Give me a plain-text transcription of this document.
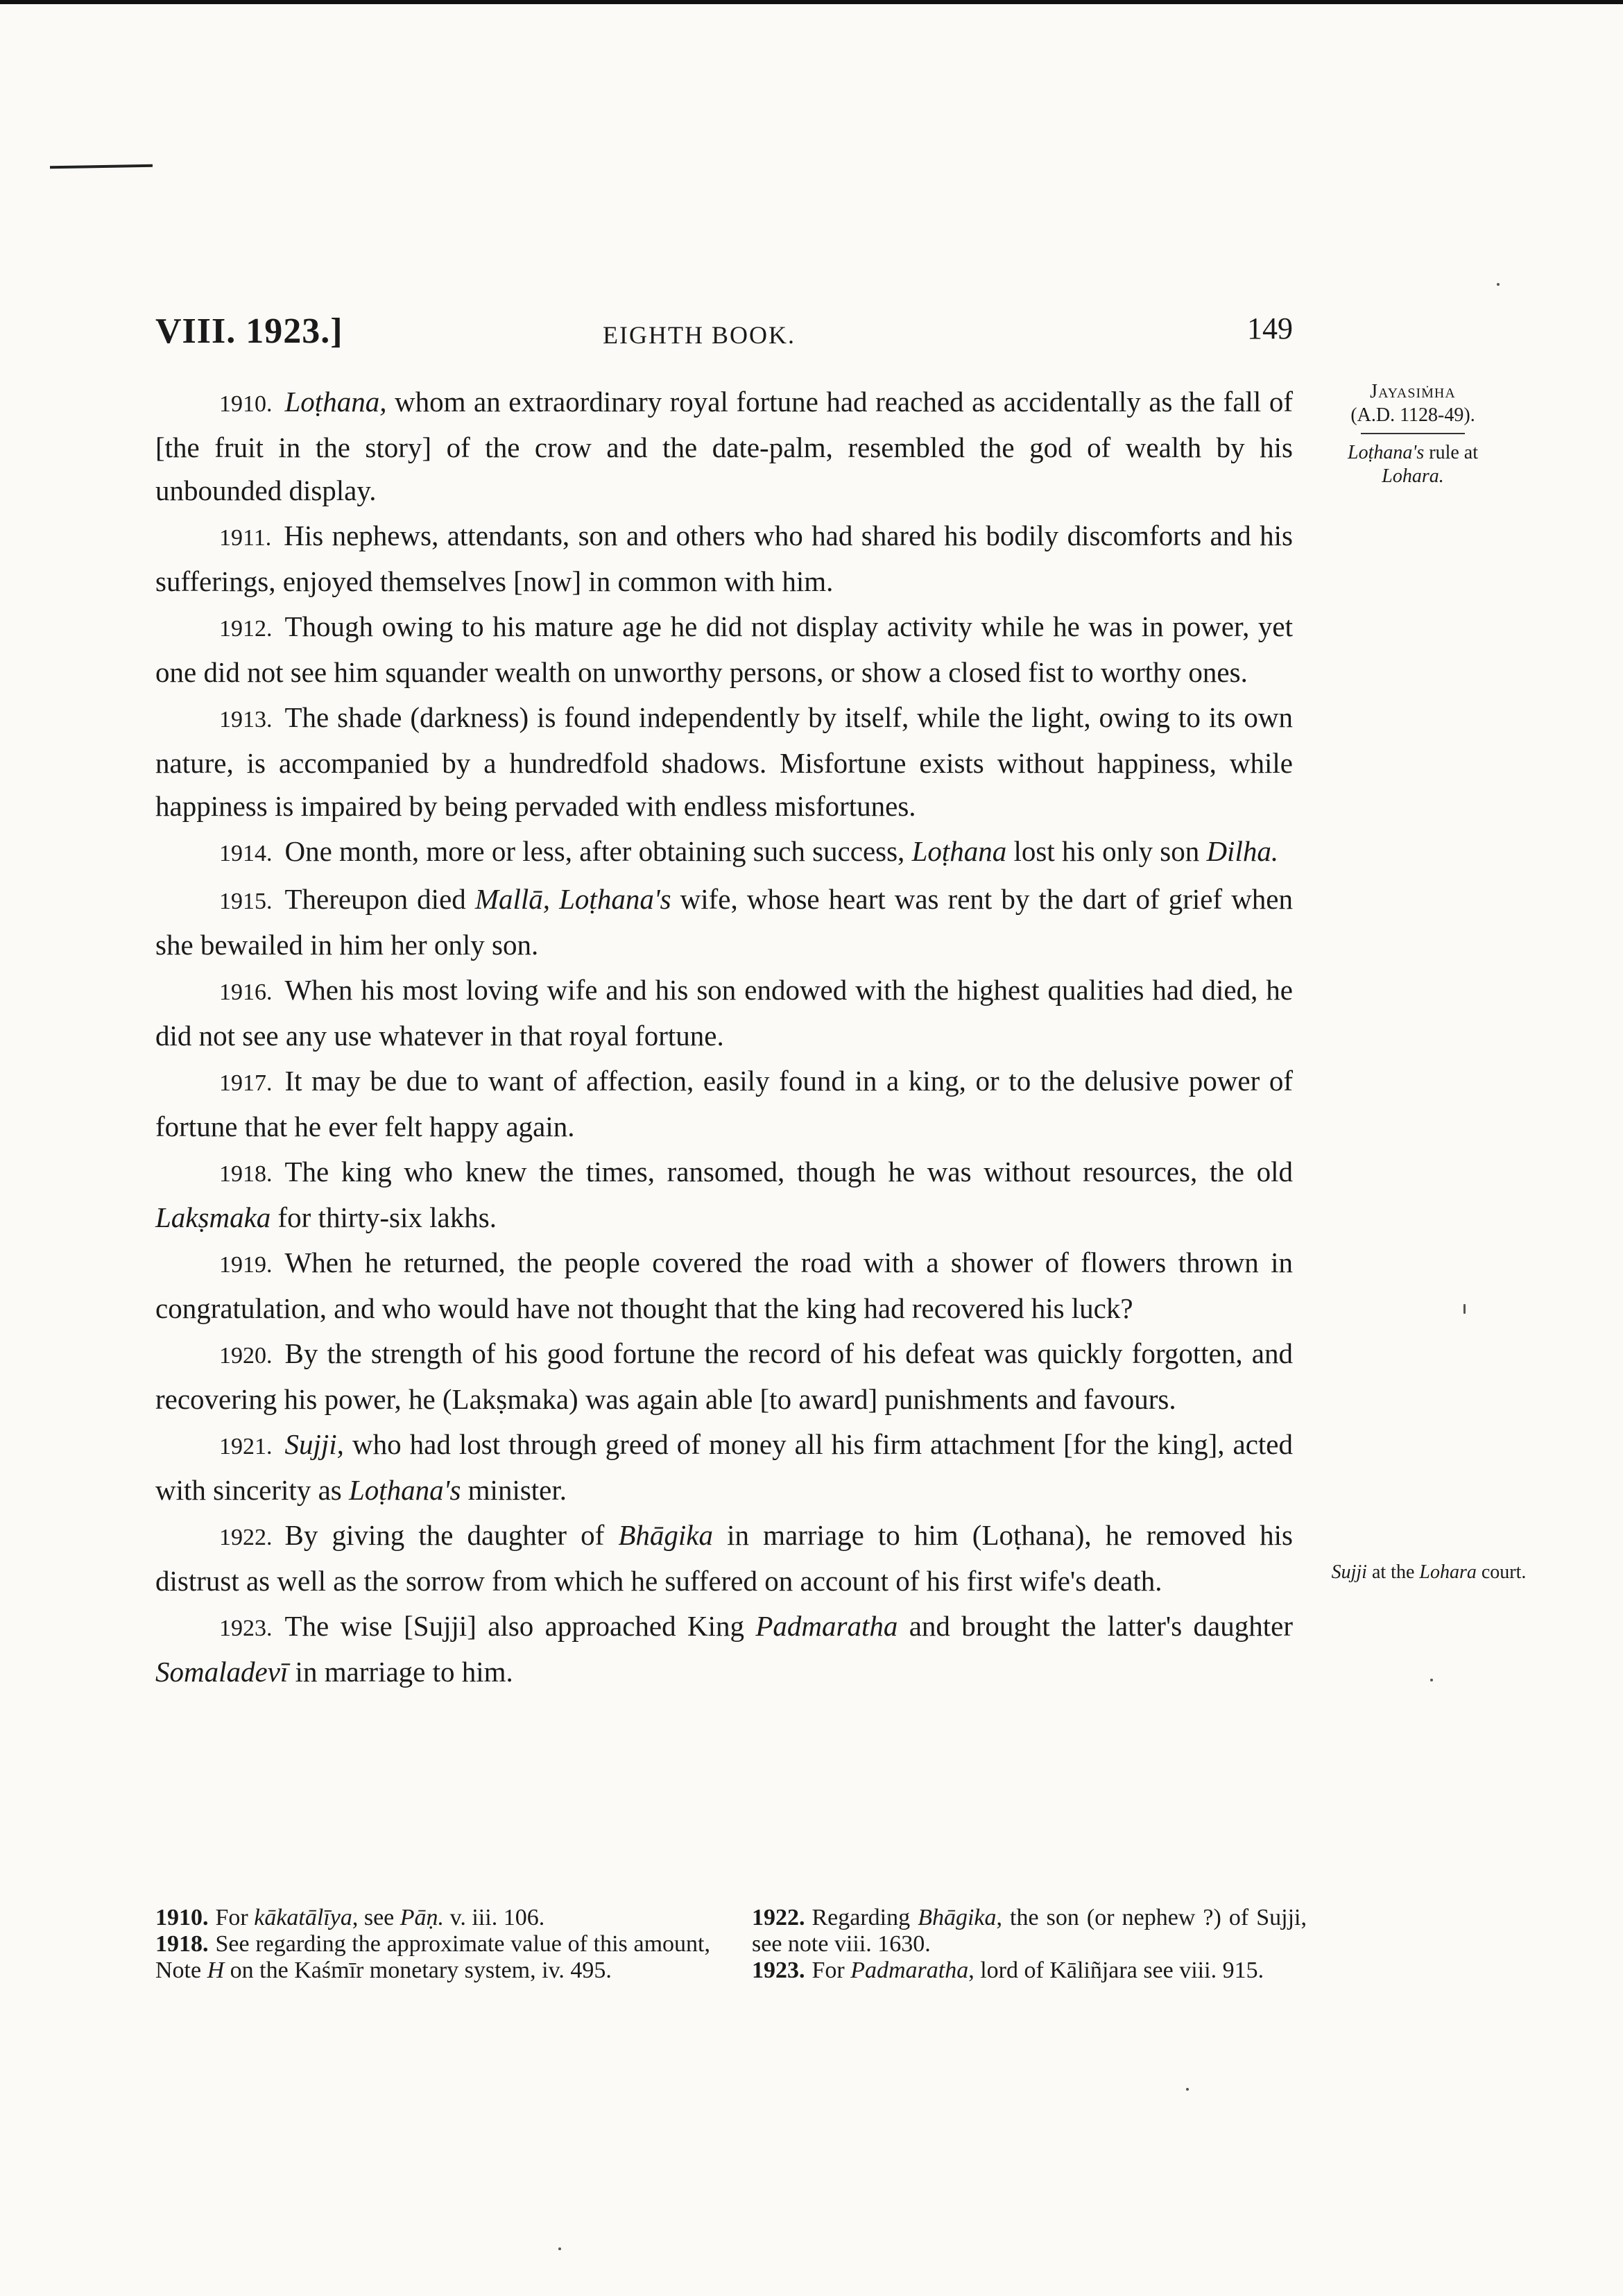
VIII. 1923.]	EIGHTH BOOK.	149
Jayasiṁha
(A.D. 1128-49).
Loṭhana's rule at Lohara.
Sujji at the Lohara court.

1910. Loṭhana, whom an extraordinary royal fortune had reached as accidentally as the fall of [the fruit in the story] of the crow and the date-palm, resembled the god of wealth by his unbounded display.

1911. His nephews, attendants, son and others who had shared his bodily discomforts and his sufferings, enjoyed themselves [now] in common with him.

1912. Though owing to his mature age he did not display activity while he was in power, yet one did not see him squander wealth on unworthy persons, or show a closed fist to worthy ones.

1913. The shade (darkness) is found independently by itself, while the light, owing to its own nature, is accompanied by a hundredfold shadows. Misfortune exists without happiness, while happiness is impaired by being pervaded with endless misfortunes.

1914. One month, more or less, after obtaining such success, Loṭhana lost his only son Dilha.

1915. Thereupon died Mallā, Loṭhana's wife, whose heart was rent by the dart of grief when she bewailed in him her only son.

1916. When his most loving wife and his son endowed with the highest qualities had died, he did not see any use whatever in that royal fortune.

1917. It may be due to want of affection, easily found in a king, or to the delusive power of fortune that he ever felt happy again.

1918. The king who knew the times, ransomed, though he was without resources, the old Lakṣmaka for thirty-six lakhs.

1919. When he returned, the people covered the road with a shower of flowers thrown in congratulation, and who would have not thought that the king had recovered his luck?

1920. By the strength of his good fortune the record of his defeat was quickly forgotten, and recovering his power, he (Lakṣmaka) was again able [to award] punishments and favours.

1921. Sujji, who had lost through greed of money all his firm attachment [for the king], acted with sincerity as Loṭhana's minister.

1922. By giving the daughter of Bhāgika in marriage to him (Loṭhana), he removed his distrust as well as the sorrow from which he suffered on account of his first wife's death.

1923. The wise [Sujji] also approached King Padmaratha and brought the latter's daughter Somaladevī in marriage to him.

1910. For kākatālīya, see Pāṇ. v. iii. 106.

1918. See regarding the approximate value of this amount, Note H on the Kaśmīr monetary system, iv. 495.

1922. Regarding Bhāgika, the son (or nephew ?) of Sujji, see note viii. 1630.

1923. For Padmaratha, lord of Kāliñjara see viii. 915.
